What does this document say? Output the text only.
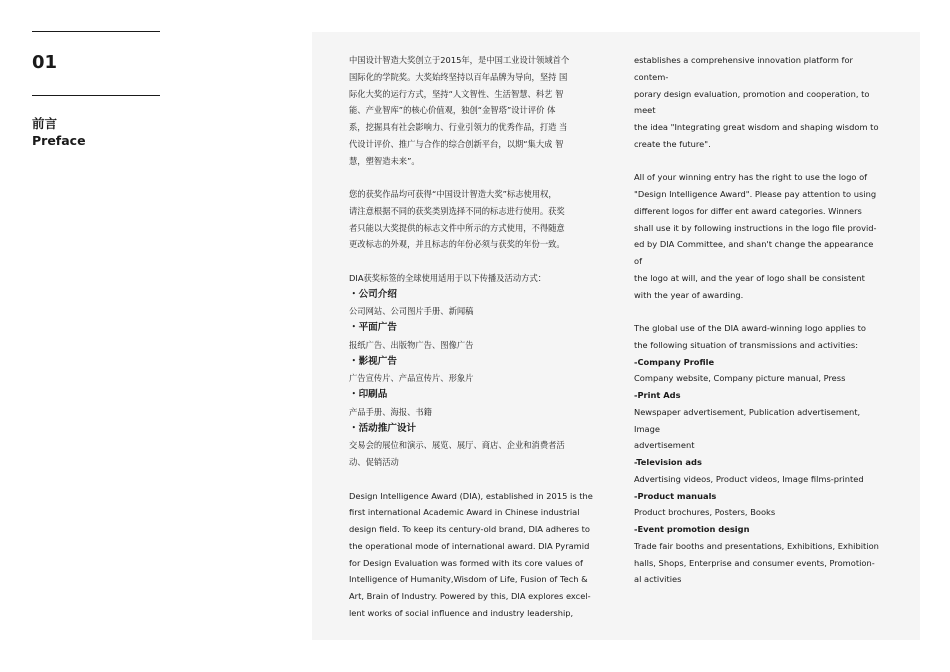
01
前言
Preface

中国设计智造大奖创立于2015年，是中国工业设计领域首个

国际化的学院奖。大奖始终坚持以百年品牌为导向，坚持 国

际化大奖的运行方式，坚持“人文智性、生活智慧、科艺 智

能、产业智库”的核心价值观，独创“金智塔”设计评价 体

系，挖掘具有社会影响力、行业引领力的优秀作品，打造 当

代设计评价、推广与合作的综合创新平台，以期“集大成 智

慧，塑智造未来”。

您的获奖作品均可获得“中国设计智造大奖”标志使用权，

请注意根据不同的获奖类别选择不同的标志进行使用。获奖

者只能以大奖提供的标志文件中所示的方式使用，不得随意

更改标志的外观，并且标志的年份必须与获奖的年份一致。

DIA获奖标签的全球使用适用于以下传播及活动方式：

・公司介绍

公司网站、公司图片手册、新闻稿

・平面广告

报纸广告、出版物广告、图像广告

・影视广告

广告宣传片、产品宣传片、形象片

・印刷品

产品手册、海报、书籍

・活动推广设计

交易会的展位和演示、展览、展厅、商店、企业和消费者活

动、促销活动

Design Intelligence Award (DIA), established in 2015 is the

first international Academic Award in Chinese industrial

design field. To keep its century-old brand, DIA adheres to

the operational mode of international award. DIA Pyramid

for Design Evaluation was formed with its core values of

Intelligence of Humanity,Wisdom of Life, Fusion of Tech &

Art, Brain of Industry. Powered by this, DIA explores excel-

lent works of social influence and industry leadership,

establishes a comprehensive innovation platform for contem-

porary design evaluation, promotion and cooperation, to meet

the idea "Integrating great wisdom and shaping wisdom to

create the future".

All of your winning entry has the right to use the logo of

"Design Intelligence Award". Please pay attention to using

different logos for differ ent award categories. Winners

shall use it by following instructions in the logo file provid-

ed by DIA Committee, and shan't change the appearance of

the logo at will, and the year of logo shall be consistent

with the year of awarding.

The global use of the DIA award-winning logo applies to

the following situation of transmissions and activities:

-Company Profile

Company website, Company picture manual, Press

-Print Ads

Newspaper advertisement, Publication advertisement, Image

advertisement

-Television ads

Advertising videos, Product videos, Image films-printed

-Product manuals

Product brochures, Posters, Books

-Event promotion design

Trade fair booths and presentations, Exhibitions, Exhibition

halls, Shops, Enterprise and consumer events, Promotion-

al activities
